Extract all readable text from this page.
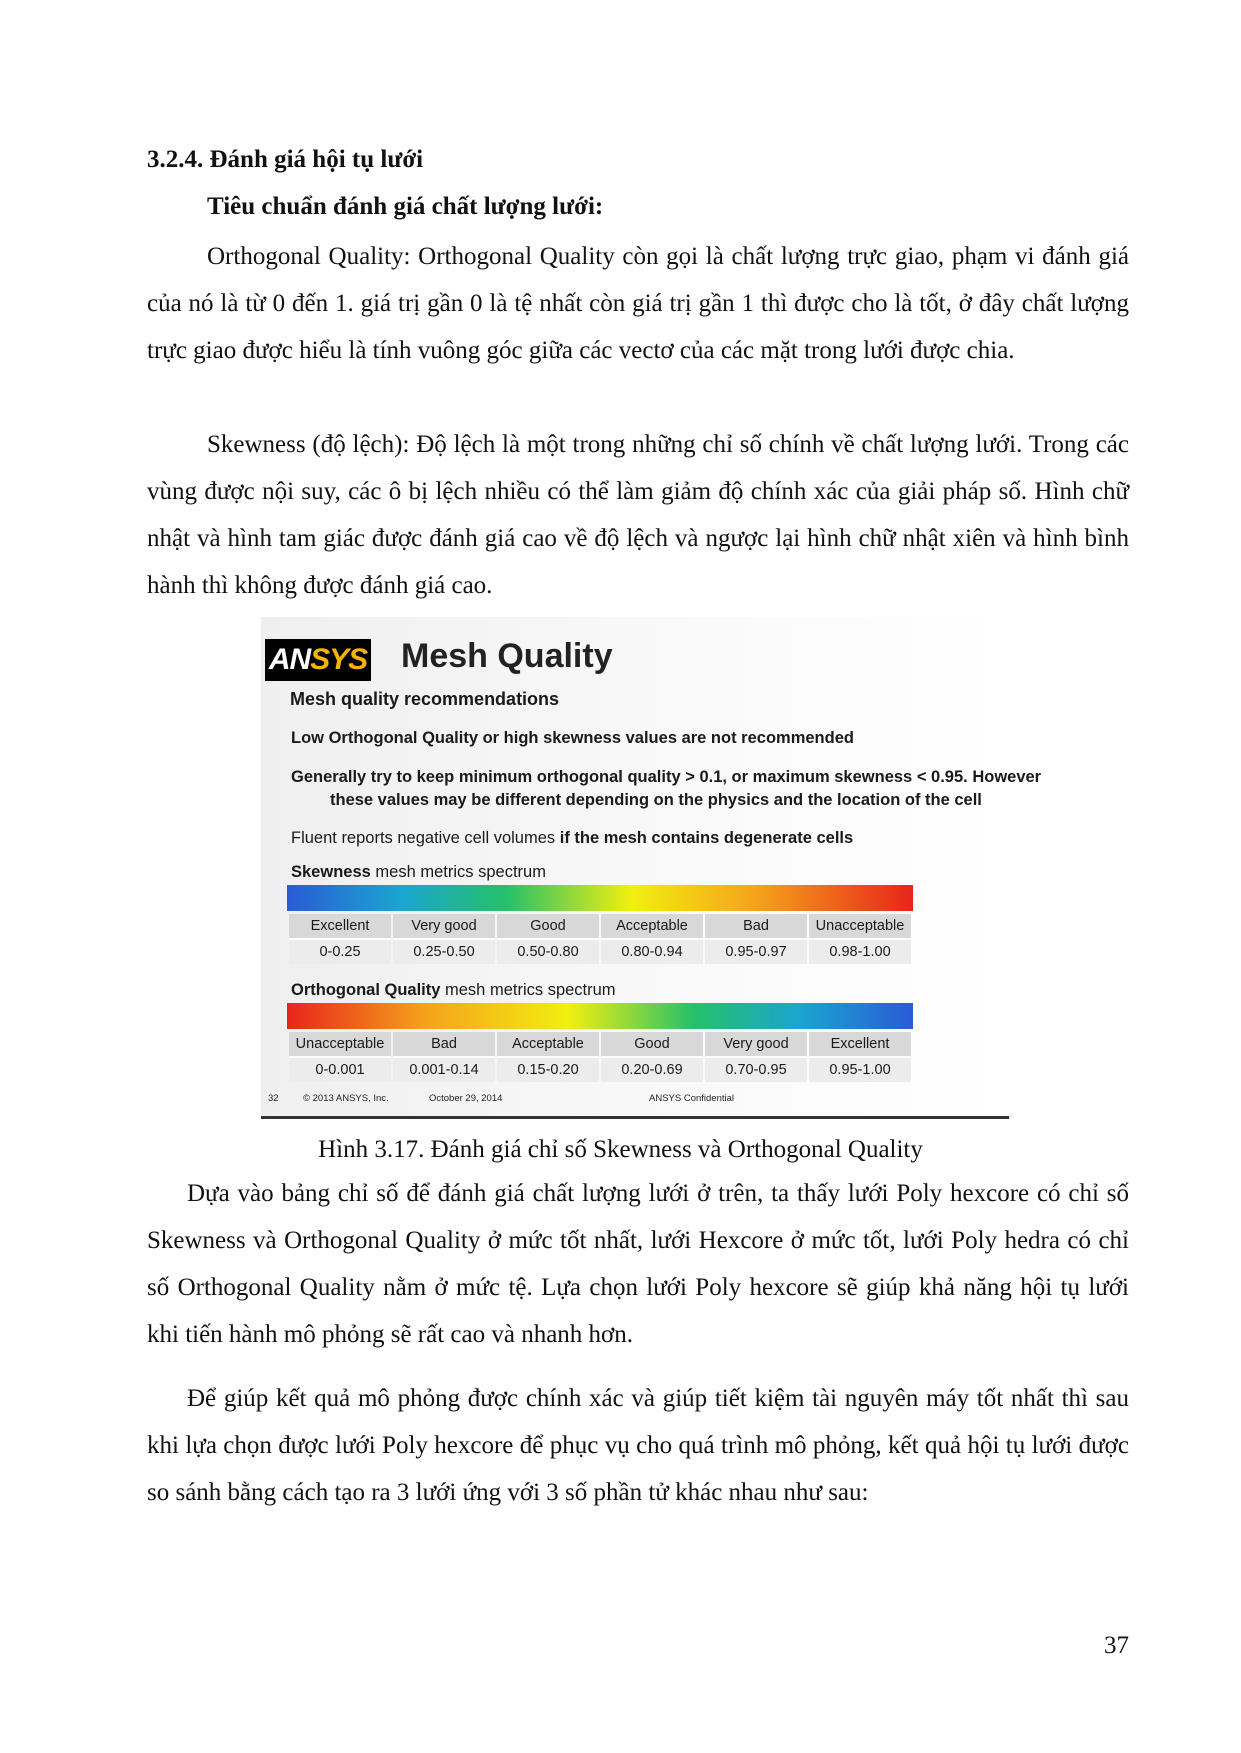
3.2.4. Đánh giá hội tụ lưới
Tiêu chuẩn đánh giá chất lượng lưới:

Orthogonal Quality: Orthogonal Quality còn gọi là chất lượng trực giao, phạm vi đánh giá của nó là từ 0 đến 1. giá trị gần 0 là tệ nhất còn giá trị gần 1 thì được cho là tốt, ở đây chất lượng trực giao được hiểu là tính vuông góc giữa các vectơ của các mặt trong lưới được chia.

Skewness (độ lệch): Độ lệch là một trong những chỉ số chính về chất lượng lưới. Trong các vùng được nội suy, các ô bị lệch nhiều có thể làm giảm độ chính xác của giải pháp số. Hình chữ nhật và hình tam giác được đánh giá cao về độ lệch và ngược lại hình chữ nhật xiên và hình bình hành thì không được đánh giá cao.

ANSYS Mesh Quality
Mesh quality recommendations
Low Orthogonal Quality or high skewness values are not recommended
Generally try to keep minimum orthogonal quality > 0.1, or maximum skewness < 0.95. However
these values may be different depending on the physics and the location of the cell
Fluent reports negative cell volumes if the mesh contains degenerate cells
Skewness mesh metrics spectrum
Excellent	Very good	Good	Acceptable	Bad	Unacceptable
0-0.25	0.25-0.50	0.50-0.80	0.80-0.94	0.95-0.97	0.98-1.00
Orthogonal Quality mesh metrics spectrum
Unacceptable	Bad	Acceptable	Good	Very good	Excellent
0-0.001	0.001-0.14	0.15-0.20	0.20-0.69	0.70-0.95	0.95-1.00
32	© 2013 ANSYS, Inc.	October 29, 2014	ANSYS Confidential
Hình 3.17. Đánh giá chỉ số Skewness và Orthogonal Quality

Dựa vào bảng chỉ số để đánh giá chất lượng lưới ở trên, ta thấy lưới Poly hexcore có chỉ số Skewness và Orthogonal Quality ở mức tốt nhất, lưới Hexcore ở mức tốt, lưới Poly hedra có chỉ số Orthogonal Quality nằm ở mức tệ. Lựa chọn lưới Poly hexcore sẽ giúp khả năng hội tụ lưới khi tiến hành mô phỏng sẽ rất cao và nhanh hơn.

Để giúp kết quả mô phỏng được chính xác và giúp tiết kiệm tài nguyên máy tốt nhất thì sau khi lựa chọn được lưới Poly hexcore để phục vụ cho quá trình mô phỏng, kết quả hội tụ lưới được so sánh bằng cách tạo ra 3 lưới ứng với 3 số phần tử khác nhau như sau:

37
